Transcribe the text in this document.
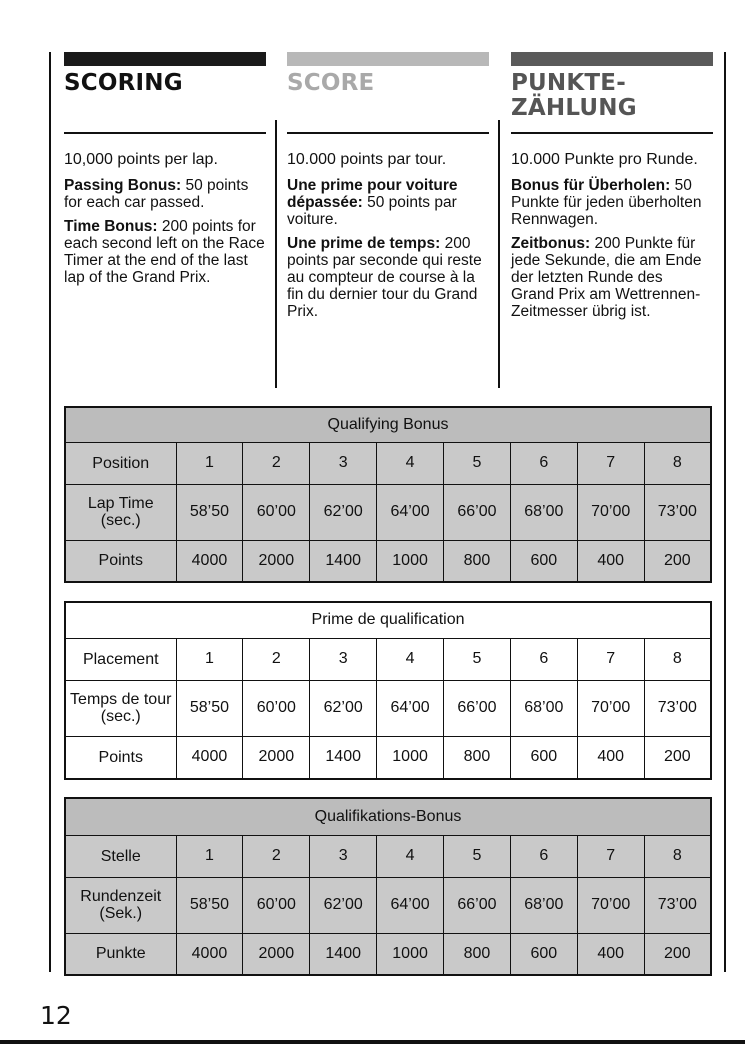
SCORING

10,000 points per lap.

Passing Bonus: 50 points for each car passed.

Time Bonus: 200 points for each second left on the Race Timer at the end of the last lap of the Grand Prix.

SCORE

10.000 points par tour.

Une prime pour voiture dépassée: 50 points par voiture.

Une prime de temps: 200 points par seconde qui reste au compteur de course à la fin du dernier tour du Grand Prix.

PUNKTE-
ZÄHLUNG

10.000 Punkte pro Runde.

Bonus für Überholen: 50 Punkte für jeden überholten Rennwagen.

Zeitbonus: 200 Punkte für jede Sekunde, die am Ende der letzten Runde des Grand Prix am Wettrennen-Zeitmesser übrig ist.

Qualifying Bonus								
Position	1	2	3	4	5	6	7	8
Lap Time (sec.)	58’50	60’00	62’00	64’00	66’00	68’00	70’00	73’00
Points	4000	2000	1400	1000	800	600	400	200
Prime de qualification								
Placement	1	2	3	4	5	6	7	8
Temps de tour (sec.)	58’50	60’00	62’00	64’00	66’00	68’00	70’00	73’00
Points	4000	2000	1400	1000	800	600	400	200
Qualifikations-Bonus								
Stelle	1	2	3	4	5	6	7	8
Rundenzeit (Sek.)	58’50	60’00	62’00	64’00	66’00	68’00	70’00	73’00
Punkte	4000	2000	1400	1000	800	600	400	200
12
